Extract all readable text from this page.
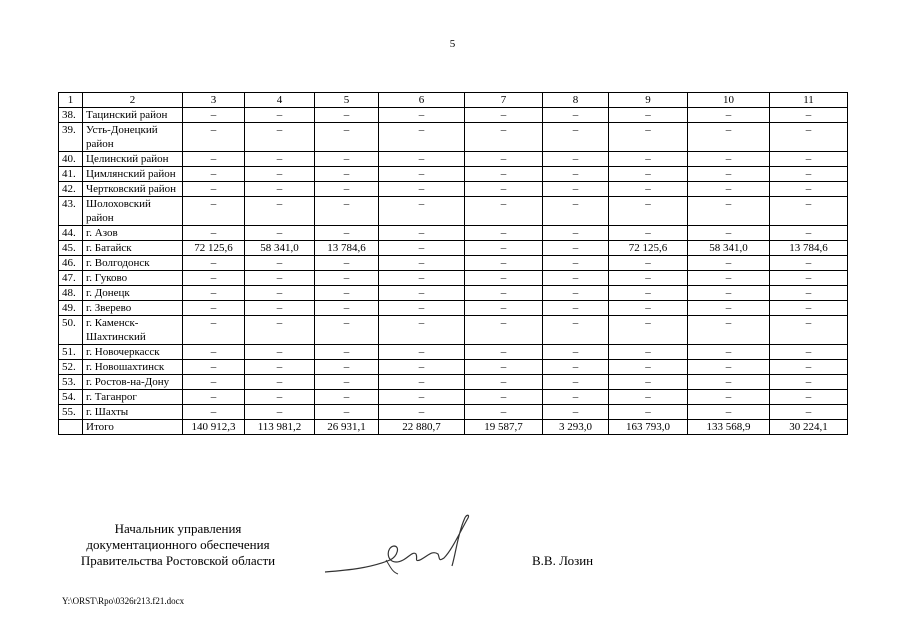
5
1	2	3	4	5	6	7	8	9	10	11
38.	Тацинский район	–	–	–	–	–	–	–	–	–
39.	Усть-Донецкий район	–	–	–	–	–	–	–	–	–
40.	Целинский район	–	–	–	–	–	–	–	–	–
41.	Цимлянский район	–	–	–	–	–	–	–	–	–
42.	Чертковский район	–	–	–	–	–	–	–	–	–
43.	Шолоховский район	–	–	–	–	–	–	–	–	–
44.	г. Азов	–	–	–	–	–	–	–	–	–
45.	г. Батайск	72 125,6	58 341,0	13 784,6	–	–	–	72 125,6	58 341,0	13 784,6
46.	г. Волгодонск	–	–	–	–	–	–	–	–	–
47.	г. Гуково	–	–	–	–	–	–	–	–	–
48.	г. Донецк	–	–	–	–	–	–	–	–	–
49.	г. Зверево	–	–	–	–	–	–	–	–	–
50.	г. Каменск-Шахтинский	–	–	–	–	–	–	–	–	–
51.	г. Новочеркасск	–	–	–	–	–	–	–	–	–
52.	г. Новошахтинск	–	–	–	–	–	–	–	–	–
53.	г. Ростов-на-Дону	–	–	–	–	–	–	–	–	–
54.	г. Таганрог	–	–	–	–	–	–	–	–	–
55.	г. Шахты	–	–	–	–	–	–	–	–	–
	Итого	140 912,3	113 981,2	26 931,1	22 880,7	19 587,7	3 293,0	163 793,0	133 568,9	30 224,1
Начальник управления
документационного обеспечения
Правительства Ростовской области	В.В. Лозин
Y:\ORST\Rpo\0326r213.f21.docx
